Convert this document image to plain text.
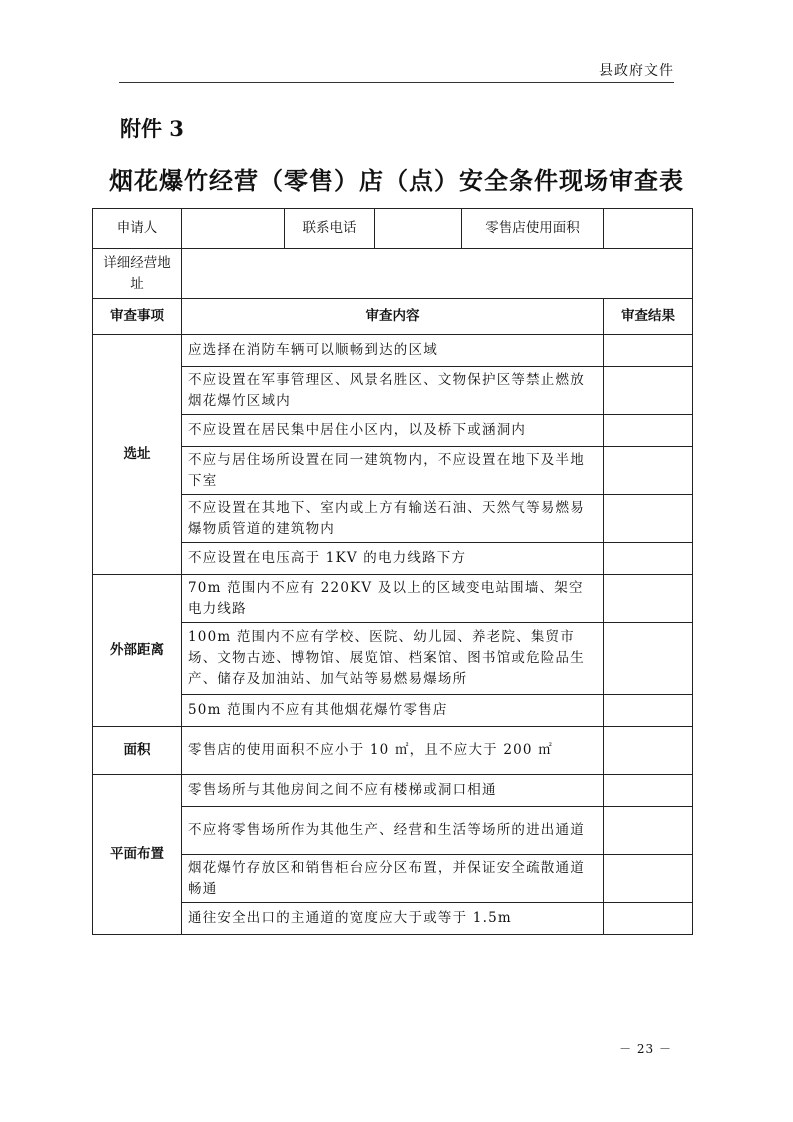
县政府文件
附件 3
烟花爆竹经营（零售）店（点）安全条件现场审查表
申请人		联系电话		零售店使用面积	
详细经营地址					
审查事项	审查内容				审查结果
选址	应选择在消防车辆可以顺畅到达的区域				
	不应设置在军事管理区、风景名胜区、文物保护区等禁止燃放烟花爆竹区域内				
	不应设置在居民集中居住小区内，以及桥下或涵洞内				
	不应与居住场所设置在同一建筑物内，不应设置在地下及半地下室				
	不应设置在其地下、室内或上方有输送石油、天然气等易燃易爆物质管道的建筑物内				
	不应设置在电压高于 1KV 的电力线路下方				
外部距离	70m 范围内不应有 220KV 及以上的区域变电站围墙、架空电力线路				
	100m 范围内不应有学校、医院、幼儿园、养老院、集贸市场、文物古迹、博物馆、展览馆、档案馆、图书馆或危险品生产、储存及加油站、加气站等易燃易爆场所				
	50m 范围内不应有其他烟花爆竹零售店				
面积	零售店的使用面积不应小于 10 ㎡，且不应大于 200 ㎡				
平面布置	零售场所与其他房间之间不应有楼梯或洞口相通				
	不应将零售场所作为其他生产、经营和生活等场所的进出通道				
	烟花爆竹存放区和销售柜台应分区布置，并保证安全疏散通道畅通				
	通往安全出口的主通道的宽度应大于或等于 1.5m				
－ 23 －
